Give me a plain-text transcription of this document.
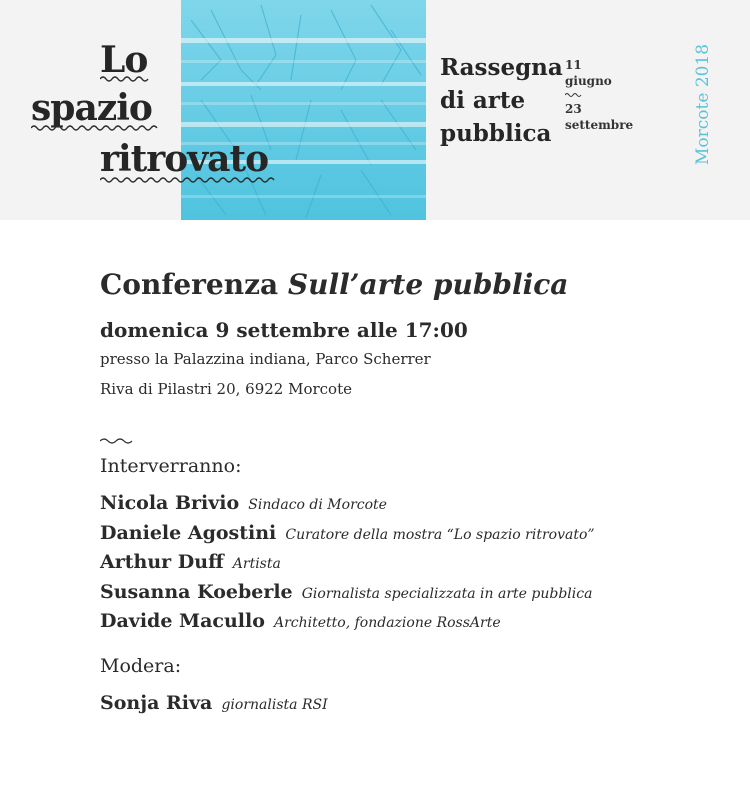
Lo
spazio
ritrovato
Rassegna
di arte
pubblica
11
giugno
23
settembre	Morcote 2018
Conferenza Sull’arte pubblica
domenica 9 settembre alle 17:00
presso la Palazzina indiana, Parco Scherrer
Riva di Pilastri 20, 6922 Morcote
Interverranno:
Nicola Brivio Sindaco di Morcote
Daniele Agostini Curatore della mostra “Lo spazio ritrovato”
Arthur Duff Artista
Susanna Koeberle Giornalista specializzata in arte pubblica
Davide Macullo Architetto, fondazione RossArte
Modera:
Sonja Riva giornalista RSI
